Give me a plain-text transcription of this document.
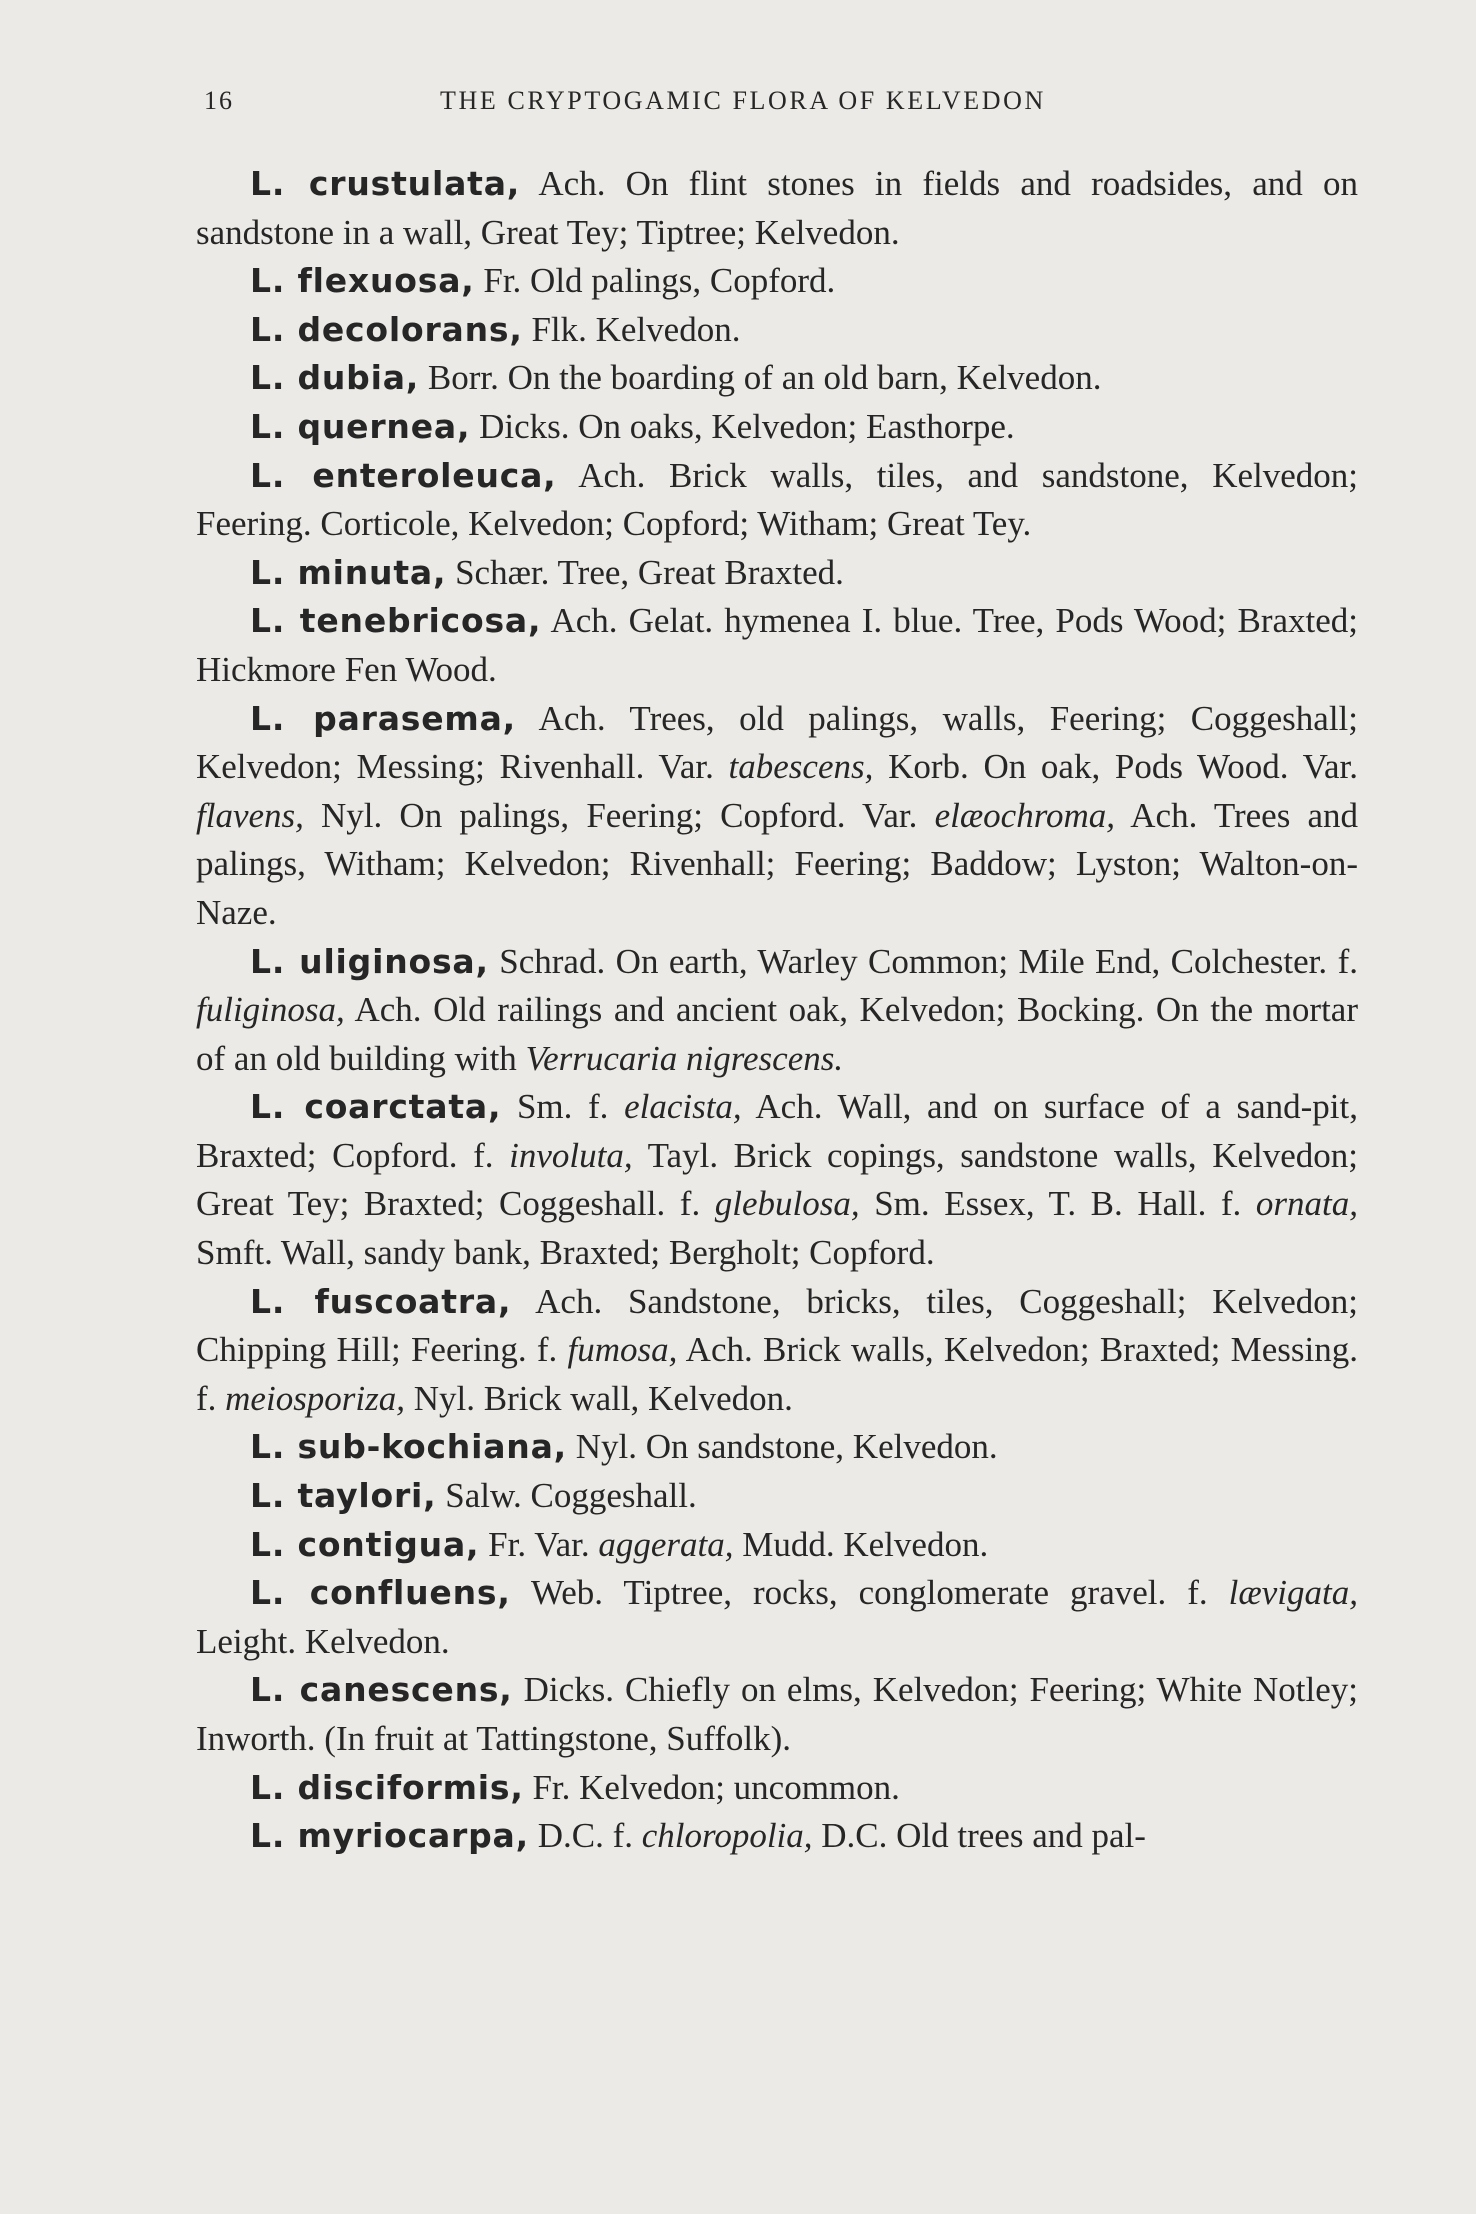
16	THE CRYPTOGAMIC FLORA OF KELVEDON

L. crustulata, Ach. On flint stones in fields and roadsides, and on sandstone in a wall, Great Tey; Tiptree; Kelvedon.

L. flexuosa, Fr. Old palings, Copford.

L. decolorans, Flk. Kelvedon.

L. dubia, Borr. On the boarding of an old barn, Kelvedon.

L. quernea, Dicks. On oaks, Kelvedon; Easthorpe.

L. enteroleuca, Ach. Brick walls, tiles, and sandstone, Kelvedon; Feering. Corticole, Kelvedon; Copford; Witham; Great Tey.

L. minuta, Schær. Tree, Great Braxted.

L. tenebricosa, Ach. Gelat. hymenea I. blue. Tree, Pods Wood; Braxted; Hickmore Fen Wood.

L. parasema, Ach. Trees, old palings, walls, Feering; Coggeshall; Kelvedon; Messing; Rivenhall. Var. tabescens, Korb. On oak, Pods Wood. Var. flavens, Nyl. On palings, Feering; Copford. Var. elæochroma, Ach. Trees and palings, Witham; Kelvedon; Rivenhall; Feering; Baddow; Lyston; Walton-on-Naze.

L. uliginosa, Schrad. On earth, Warley Common; Mile End, Colchester. f. fuliginosa, Ach. Old railings and ancient oak, Kelvedon; Bocking. On the mortar of an old building with Verrucaria nigrescens.

L. coarctata, Sm. f. elacista, Ach. Wall, and on surface of a sand-pit, Braxted; Copford. f. involuta, Tayl. Brick copings, sandstone walls, Kelvedon; Great Tey; Braxted; Coggeshall. f. glebulosa, Sm. Essex, T. B. Hall. f. ornata, Smft. Wall, sandy bank, Braxted; Bergholt; Copford.

L. fuscoatra, Ach. Sandstone, bricks, tiles, Coggeshall; Kelvedon; Chipping Hill; Feering. f. fumosa, Ach. Brick walls, Kelvedon; Braxted; Messing. f. meiosporiza, Nyl. Brick wall, Kelvedon.

L. sub-kochiana, Nyl. On sandstone, Kelvedon.

L. taylori, Salw. Coggeshall.

L. contigua, Fr. Var. aggerata, Mudd. Kelvedon.

L. confluens, Web. Tiptree, rocks, conglomerate gravel. f. lævigata, Leight. Kelvedon.

L. canescens, Dicks. Chiefly on elms, Kelvedon; Feering; White Notley; Inworth. (In fruit at Tattingstone, Suffolk).

L. disciformis, Fr. Kelvedon; uncommon.

L. myriocarpa, D.C. f. chloropolia, D.C. Old trees and pal-
